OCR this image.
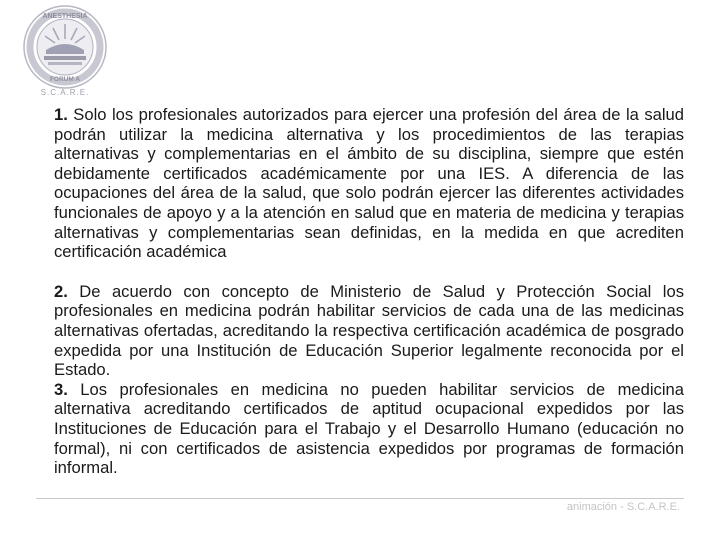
ANESTHESIA
FORUM A
S.C.A.R.E.

1. Solo los profesionales autorizados para ejercer una profesión del área de la salud podrán utilizar la medicina alternativa y los procedimientos de las terapias alternativas y complementarias en el ámbito de su disciplina, siempre que estén debidamente certificados académicamente por una IES. A diferencia de las ocupaciones del área de la salud, que solo podrán ejercer las diferentes actividades funcionales de apoyo y a la atención en salud que en materia de medicina y terapias alternativas y complementarias sean definidas, en la medida en que acrediten certificación académica

2. De acuerdo con concepto de Ministerio de Salud y Protección Social los profesionales en medicina podrán habilitar servicios de cada una de las medicinas alternativas ofertadas, acreditando la respectiva certificación académica de posgrado expedida por una Institución de Educación Superior legalmente reconocida por el Estado.

3. Los profesionales en medicina no pueden habilitar servicios de medicina alternativa acreditando certificados de aptitud ocupacional expedidos por las Instituciones de Educación para el Trabajo y el Desarrollo Humano (educación no formal), ni con certificados de asistencia expedidos por programas de formación informal.

animación - S.C.A.R.E.
